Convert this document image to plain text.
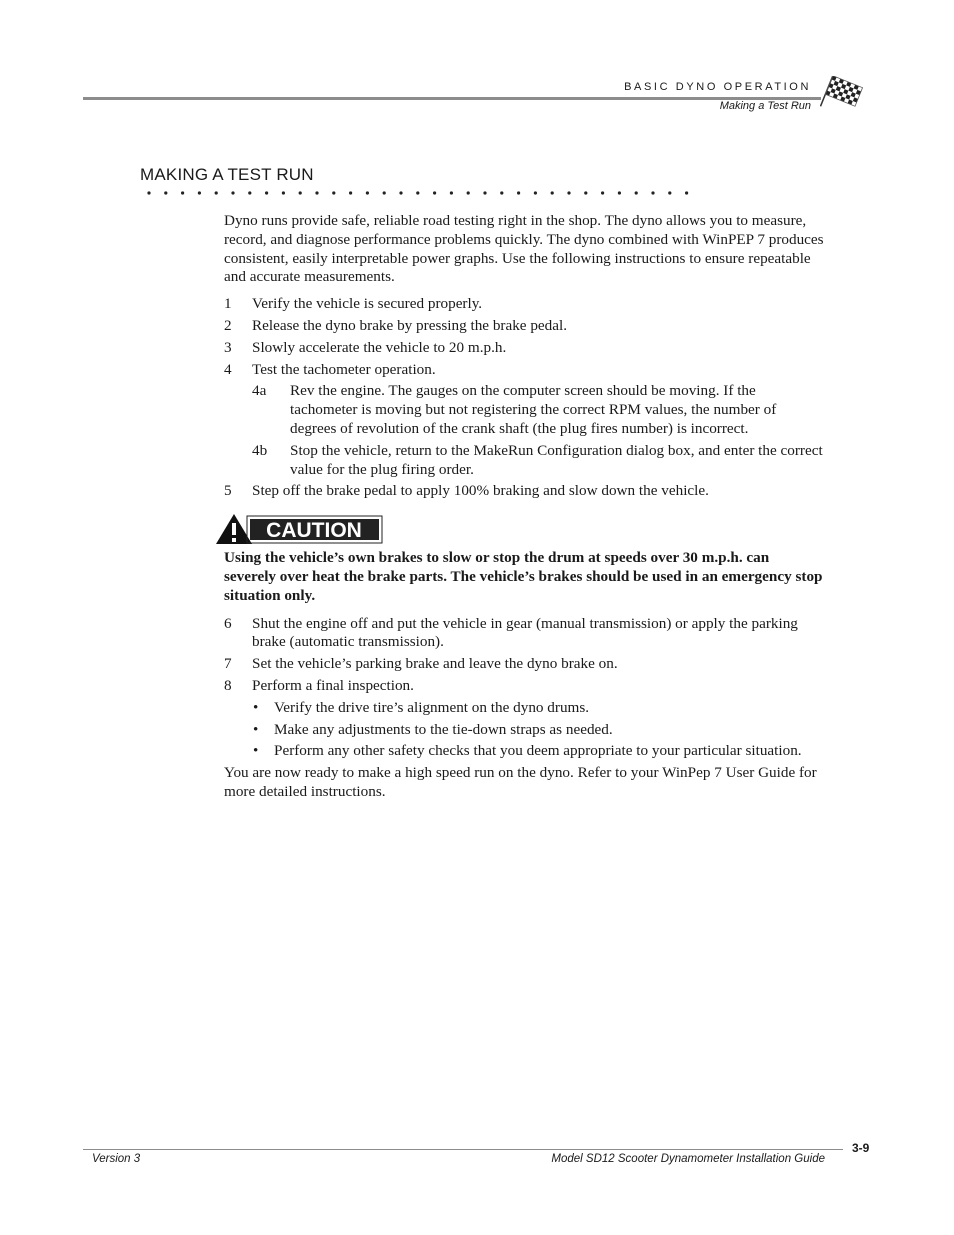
BASIC DYNO OPERATION
Making a Test Run
MAKING A TEST RUN

Dyno runs provide safe, reliable road testing right in the shop. The dyno allows you to measure, record, and diagnose performance problems quickly. The dyno combined with WinPEP 7 produces consistent, easily interpretable power graphs. Use the following instructions to ensure repeatable and accurate measurements.

1 Verify the vehicle is secured properly.
2 Release the dyno brake by pressing the brake pedal.
3 Slowly accelerate the vehicle to 20 m.p.h.
4 Test the tachometer operation.
4a Rev the engine. The gauges on the computer screen should be moving. If the tachometer is moving but not registering the correct RPM values, the number of degrees of revolution of the crank shaft (the plug fires number) is incorrect.
4b Stop the vehicle, return to the MakeRun Configuration dialog box, and enter the correct value for the plug firing order.
5 Step off the brake pedal to apply 100% braking and slow down the vehicle.
CAUTION

Using the vehicle’s own brakes to slow or stop the drum at speeds over 30 m.p.h. can severely over heat the brake parts. The vehicle’s brakes should be used in an emergency stop situation only.

6 Shut the engine off and put the vehicle in gear (manual transmission) or apply the parking brake (automatic transmission).
7 Set the vehicle’s parking brake and leave the dyno brake on.
8 Perform a final inspection.
• Verify the drive tire’s alignment on the dyno drums.
• Make any adjustments to the tie-down straps as needed.
• Perform any other safety checks that you deem appropriate to your particular situation.

You are now ready to make a high speed run on the dyno. Refer to your WinPep 7 User Guide for more detailed instructions.

Version 3	Model SD12 Scooter Dynamometer Installation Guide
3-9
